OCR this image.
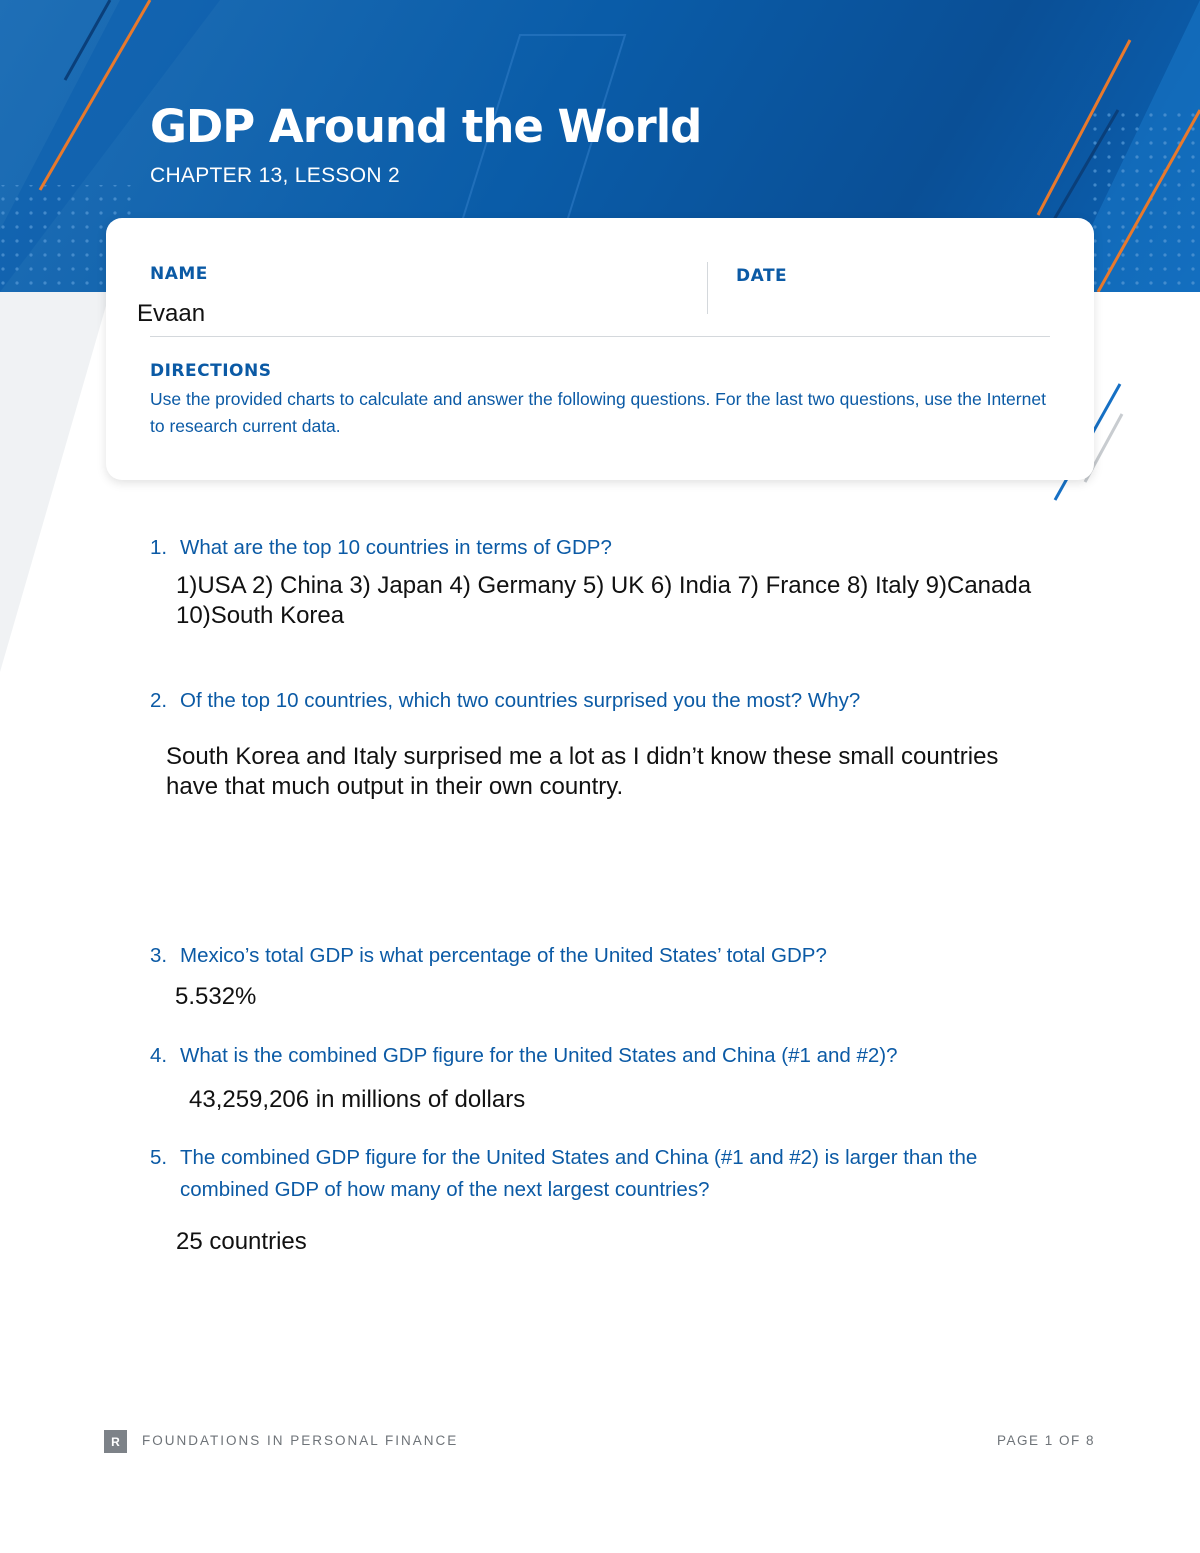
GDP Around the World
CHAPTER 13, LESSON 2
NAME
Evaan
DATE
DIRECTIONS

Use the provided charts to calculate and answer the following questions. For the last two questions, use the Internet to research current data.

1. What are the top 10 countries in terms of GDP?

1)USA 2) China 3) Japan 4) Germany 5) UK 6) India 7) France 8) Italy 9)Canada 10)South Korea

2. Of the top 10 countries, which two countries surprised you the most? Why?

South Korea and Italy surprised me a lot as I didn’t know these small countries have that much output in their own country.

3. Mexico’s total GDP is what percentage of the United States’ total GDP?

5.532%

4. What is the combined GDP figure for the United States and China (#1 and #2)?

43,259,206 in millions of dollars

5. The combined GDP figure for the United States and China (#1 and #2) is larger than the combined GDP of how many of the next largest countries?

25 countries

R	FOUNDATIONS IN PERSONAL FINANCE	PAGE 1 OF 8
